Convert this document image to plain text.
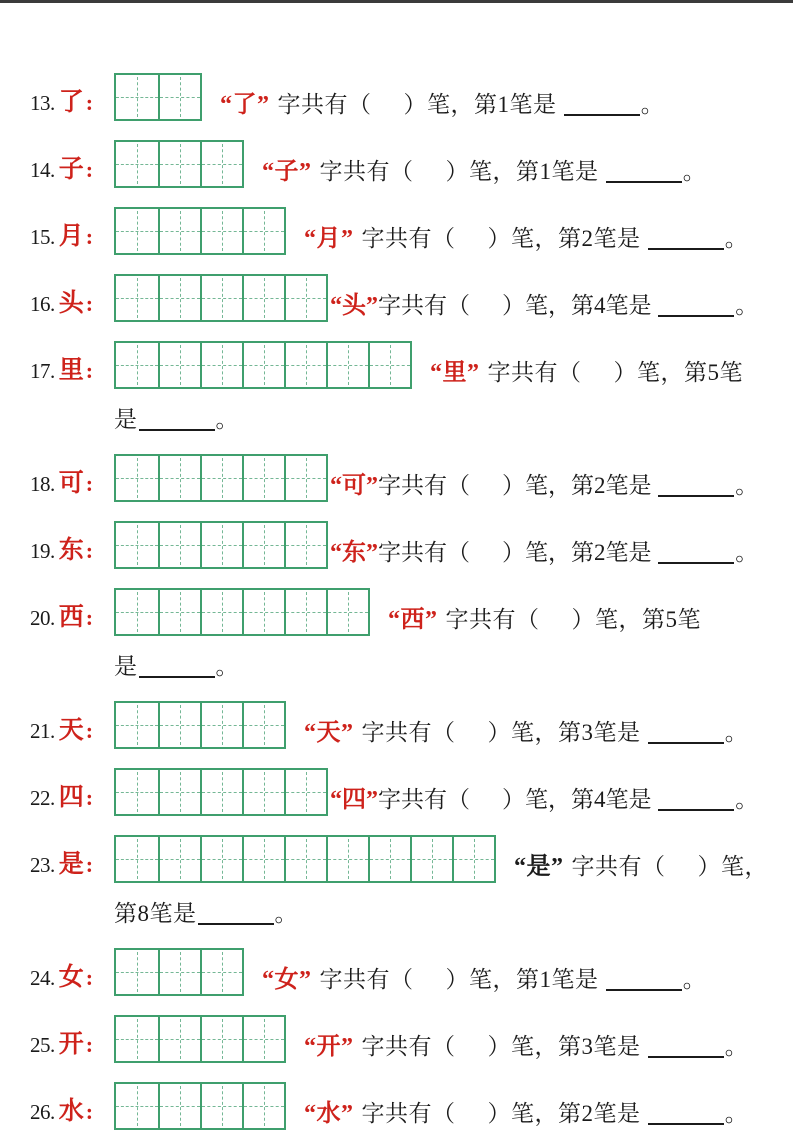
13. 了 :	“了” 字共有（ ）笔，第1笔是	。
14. 子 :	“子” 字共有（ ）笔，第1笔是	。
15. 月 :	“月” 字共有（ ）笔，第2笔是	。
16. 头 :	“头”字共有（ ）笔，第4笔是	。
17. 里 :	“里” 字共有（ ）笔，第5笔
是	。
18. 可 :	“可”字共有（ ）笔，第2笔是	。
19. 东 :	“东”字共有（ ）笔，第2笔是	。
20. 西 :	“西” 字共有（ ）笔，第5笔
是	。
21. 天 :	“天” 字共有（ ）笔，第3笔是	。
22. 四 :	“四”字共有（ ）笔，第4笔是	。
23. 是 :	“是” 字共有（ ）笔，
第8笔是	。
24. 女 :	“女” 字共有（ ）笔，第1笔是	。
25. 开 :	“开” 字共有（ ）笔，第3笔是	。
26. 水 :	“水” 字共有（ ）笔，第2笔是	。
